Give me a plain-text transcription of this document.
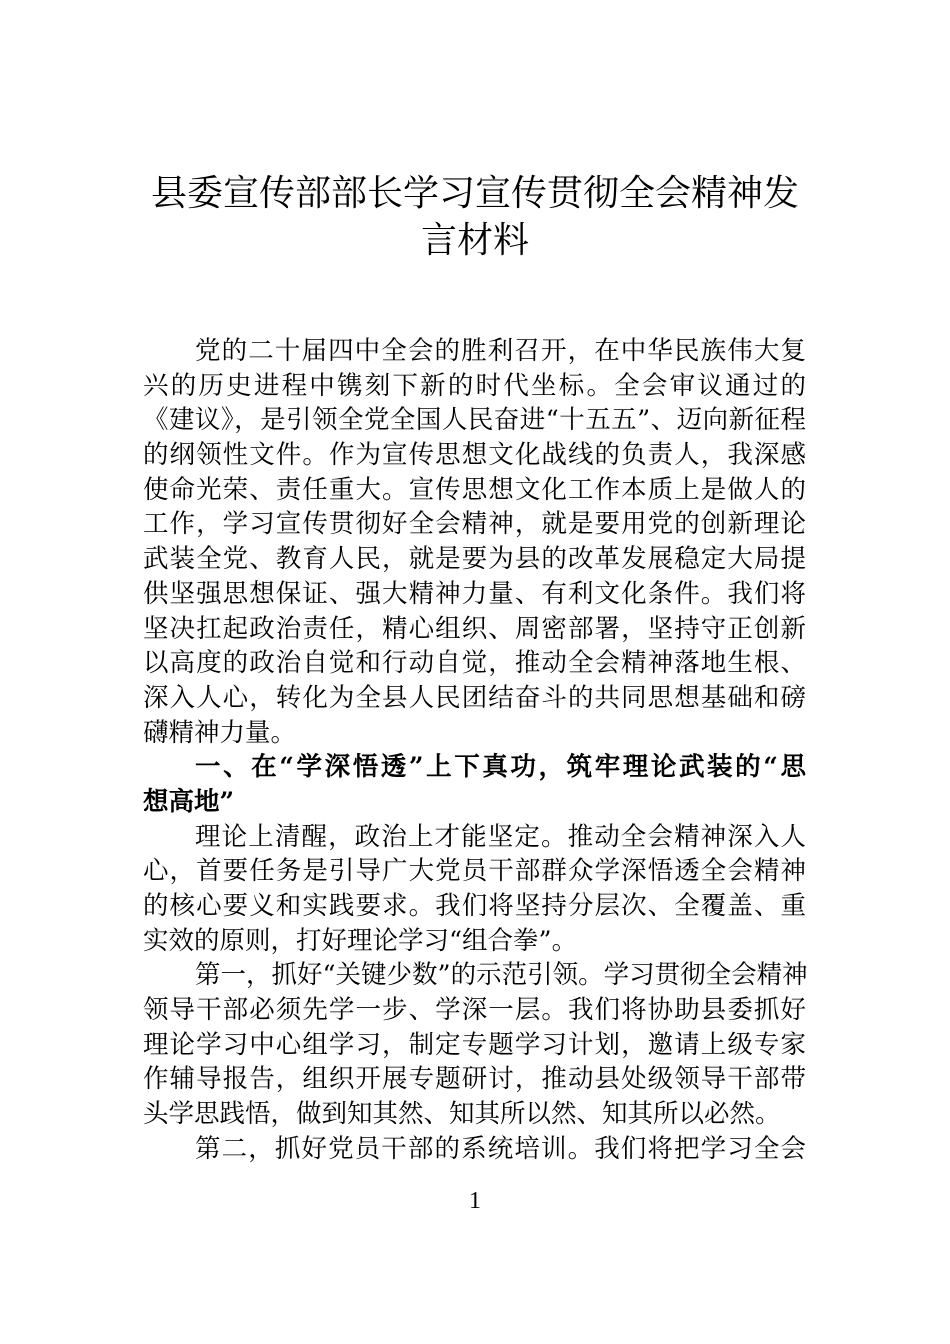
县委宣传部部长学习宣传贯彻全会精神发
言材料
党的二十届四中全会的胜利召开，在中华民族伟大复
兴的历史进程中镌刻下新的时代坐标。全会审议通过的
《建议》，是引领全党全国人民奋进“十五五”、迈向新征程
的纲领性文件。作为宣传思想文化战线的负责人，我深感
使命光荣、责任重大。宣传思想文化工作本质上是做人的
工作，学习宣传贯彻好全会精神，就是要用党的创新理论
武装全党、教育人民，就是要为县的改革发展稳定大局提
供坚强思想保证、强大精神力量、有利文化条件。我们将
坚决扛起政治责任，精心组织、周密部署，坚持守正创新
以高度的政治自觉和行动自觉，推动全会精神落地生根、
深入人心，转化为全县人民团结奋斗的共同思想基础和磅
礴精神力量。
一、在“学深悟透”上下真功，筑牢理论武装的“思
想高地”
理论上清醒，政治上才能坚定。推动全会精神深入人
心，首要任务是引导广大党员干部群众学深悟透全会精神
的核心要义和实践要求。我们将坚持分层次、全覆盖、重
实效的原则，打好理论学习“组合拳”。
第一，抓好“关键少数”的示范引领。学习贯彻全会精神
领导干部必须先学一步、学深一层。我们将协助县委抓好
理论学习中心组学习，制定专题学习计划，邀请上级专家
作辅导报告，组织开展专题研讨，推动县处级领导干部带
头学思践悟，做到知其然、知其所以然、知其所以必然。
第二，抓好党员干部的系统培训。我们将把学习全会
1
